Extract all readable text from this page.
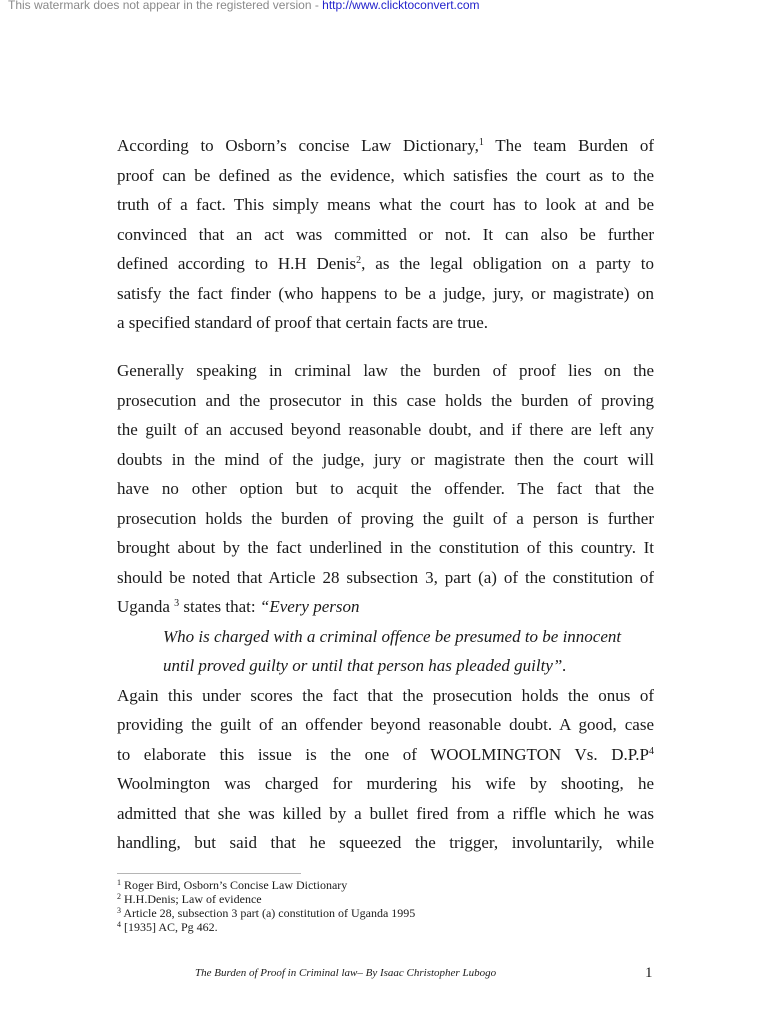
This watermark does not appear in the registered version - http://www.clicktoconvert.com
According to Osborn’s concise Law Dictionary,$^1$ The team Burden of
proof can be defined as the evidence, which satisfies the court as to the
truth of a fact. This simply means what the court has to look at and be
convinced that an act was committed or not. It can also be further
defined according to H.H Denis$^2$, as the legal obligation on a party to
satisfy the fact finder (who happens to be a judge, jury, or magistrate) on
a specified standard of proof that certain facts are true.
Generally speaking in criminal law the burden of proof lies on the
prosecution and the prosecutor in this case holds the burden of proving
the guilt of an accused beyond reasonable doubt, and if there are left any
doubts in the mind of the judge, jury or magistrate then the court will
have no other option but to acquit the offender. The fact that the
prosecution holds the burden of proving the guilt of a person is further
brought about by the fact underlined in the constitution of this country. It
should be noted that Article 28 subsection 3, part (a) of the constitution of
Uganda $^3$ states that: “Every person
Who is charged with a criminal offence be presumed to be innocent
until proved guilty or until that person has pleaded guilty”.
Again this under scores the fact that the prosecution holds the onus of
providing the guilt of an offender beyond reasonable doubt. A good, case
to elaborate this issue is the one of WOOLMINGTON Vs. $D.P.P^4$
Woolmington was charged for murdering his wife by shooting, he
admitted that she was killed by a bullet fired from a riffle which he was
handling, but said that he squeezed the trigger, involuntarily, while
$^1$ Roger Bird, Osborn’s Concise Law Dictionary
$^2$ H.H.Denis; Law of evidence
$^3$ Article 28, subsection 3 part (a) constitution of Uganda 1995
$^4$ [1935] AC, Pg 462.
The Burden of Proof in Criminal law– By Isaac Christopher Lubogo	1
